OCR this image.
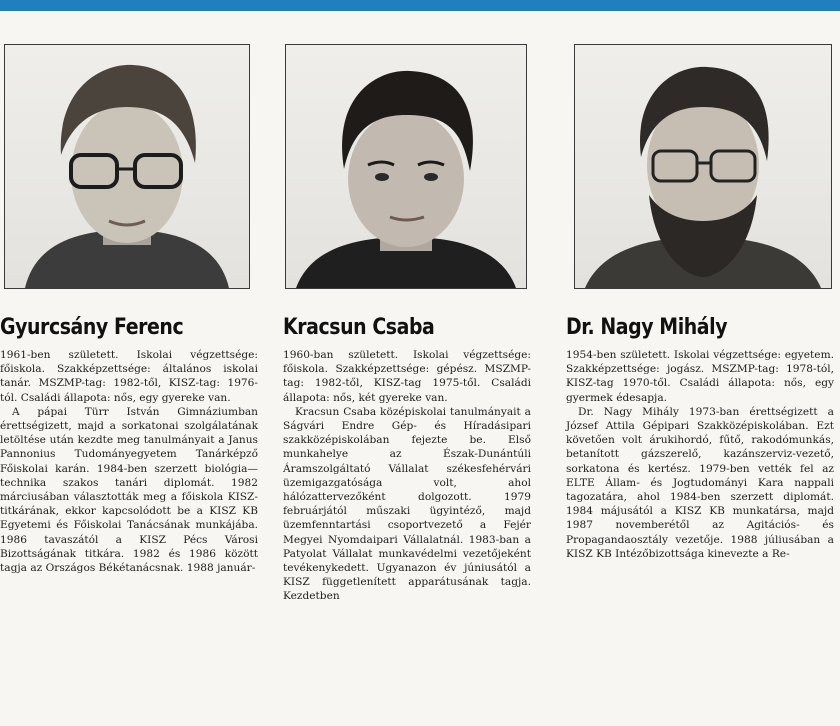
Gyurcsány Ferenc

1961-ben született. Iskolai végzettsége: főiskola. Szakképzettsége: általános iskolai tanár. MSZMP-tag: 1982-től, KISZ-tag: 1976-tól. Családi állapota: nős, egy gyereke van.

A pápai Türr István Gimnáziumban érettségizett, majd a sorkatonai szolgálatának letöltése után kezdte meg tanulmányait a Janus Pannonius Tudományegyetem Tanárképző Főiskolai karán. 1984-ben szerzett biológia—technika szakos tanári diplomát. 1982 márciusában választották meg a főiskola KISZ-titkárának, ekkor kapcsolódott be a KISZ KB Egyetemi és Főiskolai Tanácsának munkájába. 1986 tavaszától a KISZ Pécs Városi Bizottságának titkára. 1982 és 1986 között tagja az Országos Békétanácsnak. 1988 január-

Kracsun Csaba

1960-ban született. Iskolai végzettsége: főiskola. Szakképzettsége: gépész. MSZMP-tag: 1982-től, KISZ-tag 1975-től. Családi állapota: nős, két gyereke van.

Kracsun Csaba középiskolai tanulmányait a Ságvári Endre Gép- és Híradásipari szakközépiskolában fejezte be. Első munkahelye az Észak-Dunántúli Áramszolgáltató Vállalat székesfehérvári üzemigazgatósága volt, ahol hálózattervezőként dolgozott. 1979 februárjától műszaki ügyintéző, majd üzemfenntartási csoportvezető a Fejér Megyei Nyomdaipari Vállalatnál. 1983-ban a Patyolat Vállalat munkavédelmi vezetőjeként tevékenykedett. Ugyanazon év júniusától a KISZ függetlenített apparátusának tagja. Kezdetben

Dr. Nagy Mihály

1954-ben született. Iskolai végzettsége: egyetem. Szakképzettsége: jogász. MSZMP-tag: 1978-tól, KISZ-tag 1970-től. Családi állapota: nős, egy gyermek édesapja.

Dr. Nagy Mihály 1973-ban érettségizett a József Attila Gépipari Szakközépiskolában. Ezt követően volt árukihordó, fűtő, rakodómunkás, betanított gázszerelő, kazánszerviz-vezető, sorkatona és kertész. 1979-ben vették fel az ELTE Állam- és Jogtudományi Kara nappali tagozatára, ahol 1984-ben szerzett diplomát. 1984 májusától a KISZ KB munkatársa, majd 1987 novemberétől az Agitációs- és Propagandaosztály vezetője. 1988 júliusában a KISZ KB Intézőbizottsága kinevezte a Re-
